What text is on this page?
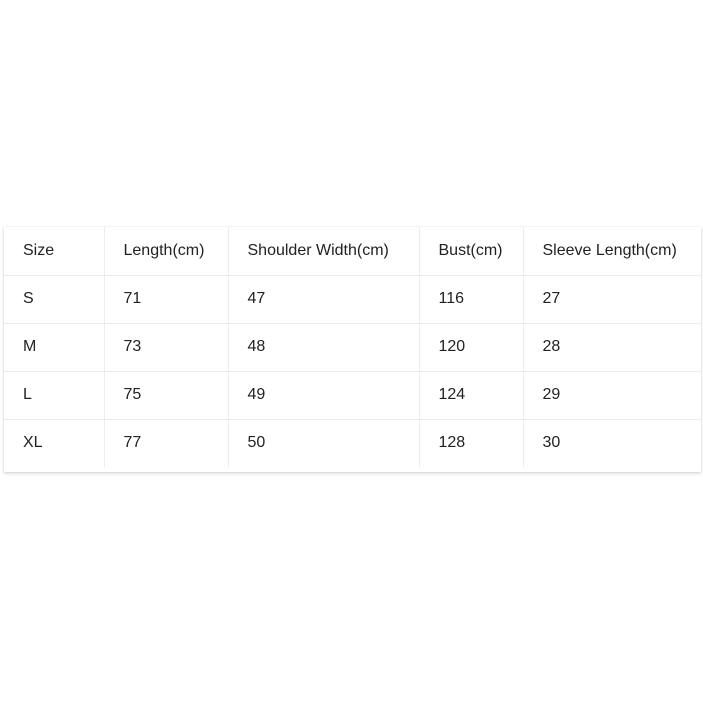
Size	Length(cm)	Shoulder Width(cm)	Bust(cm)	Sleeve Length(cm)
S	71	47	116	27
M	73	48	120	28
L	75	49	124	29
XL	77	50	128	30
